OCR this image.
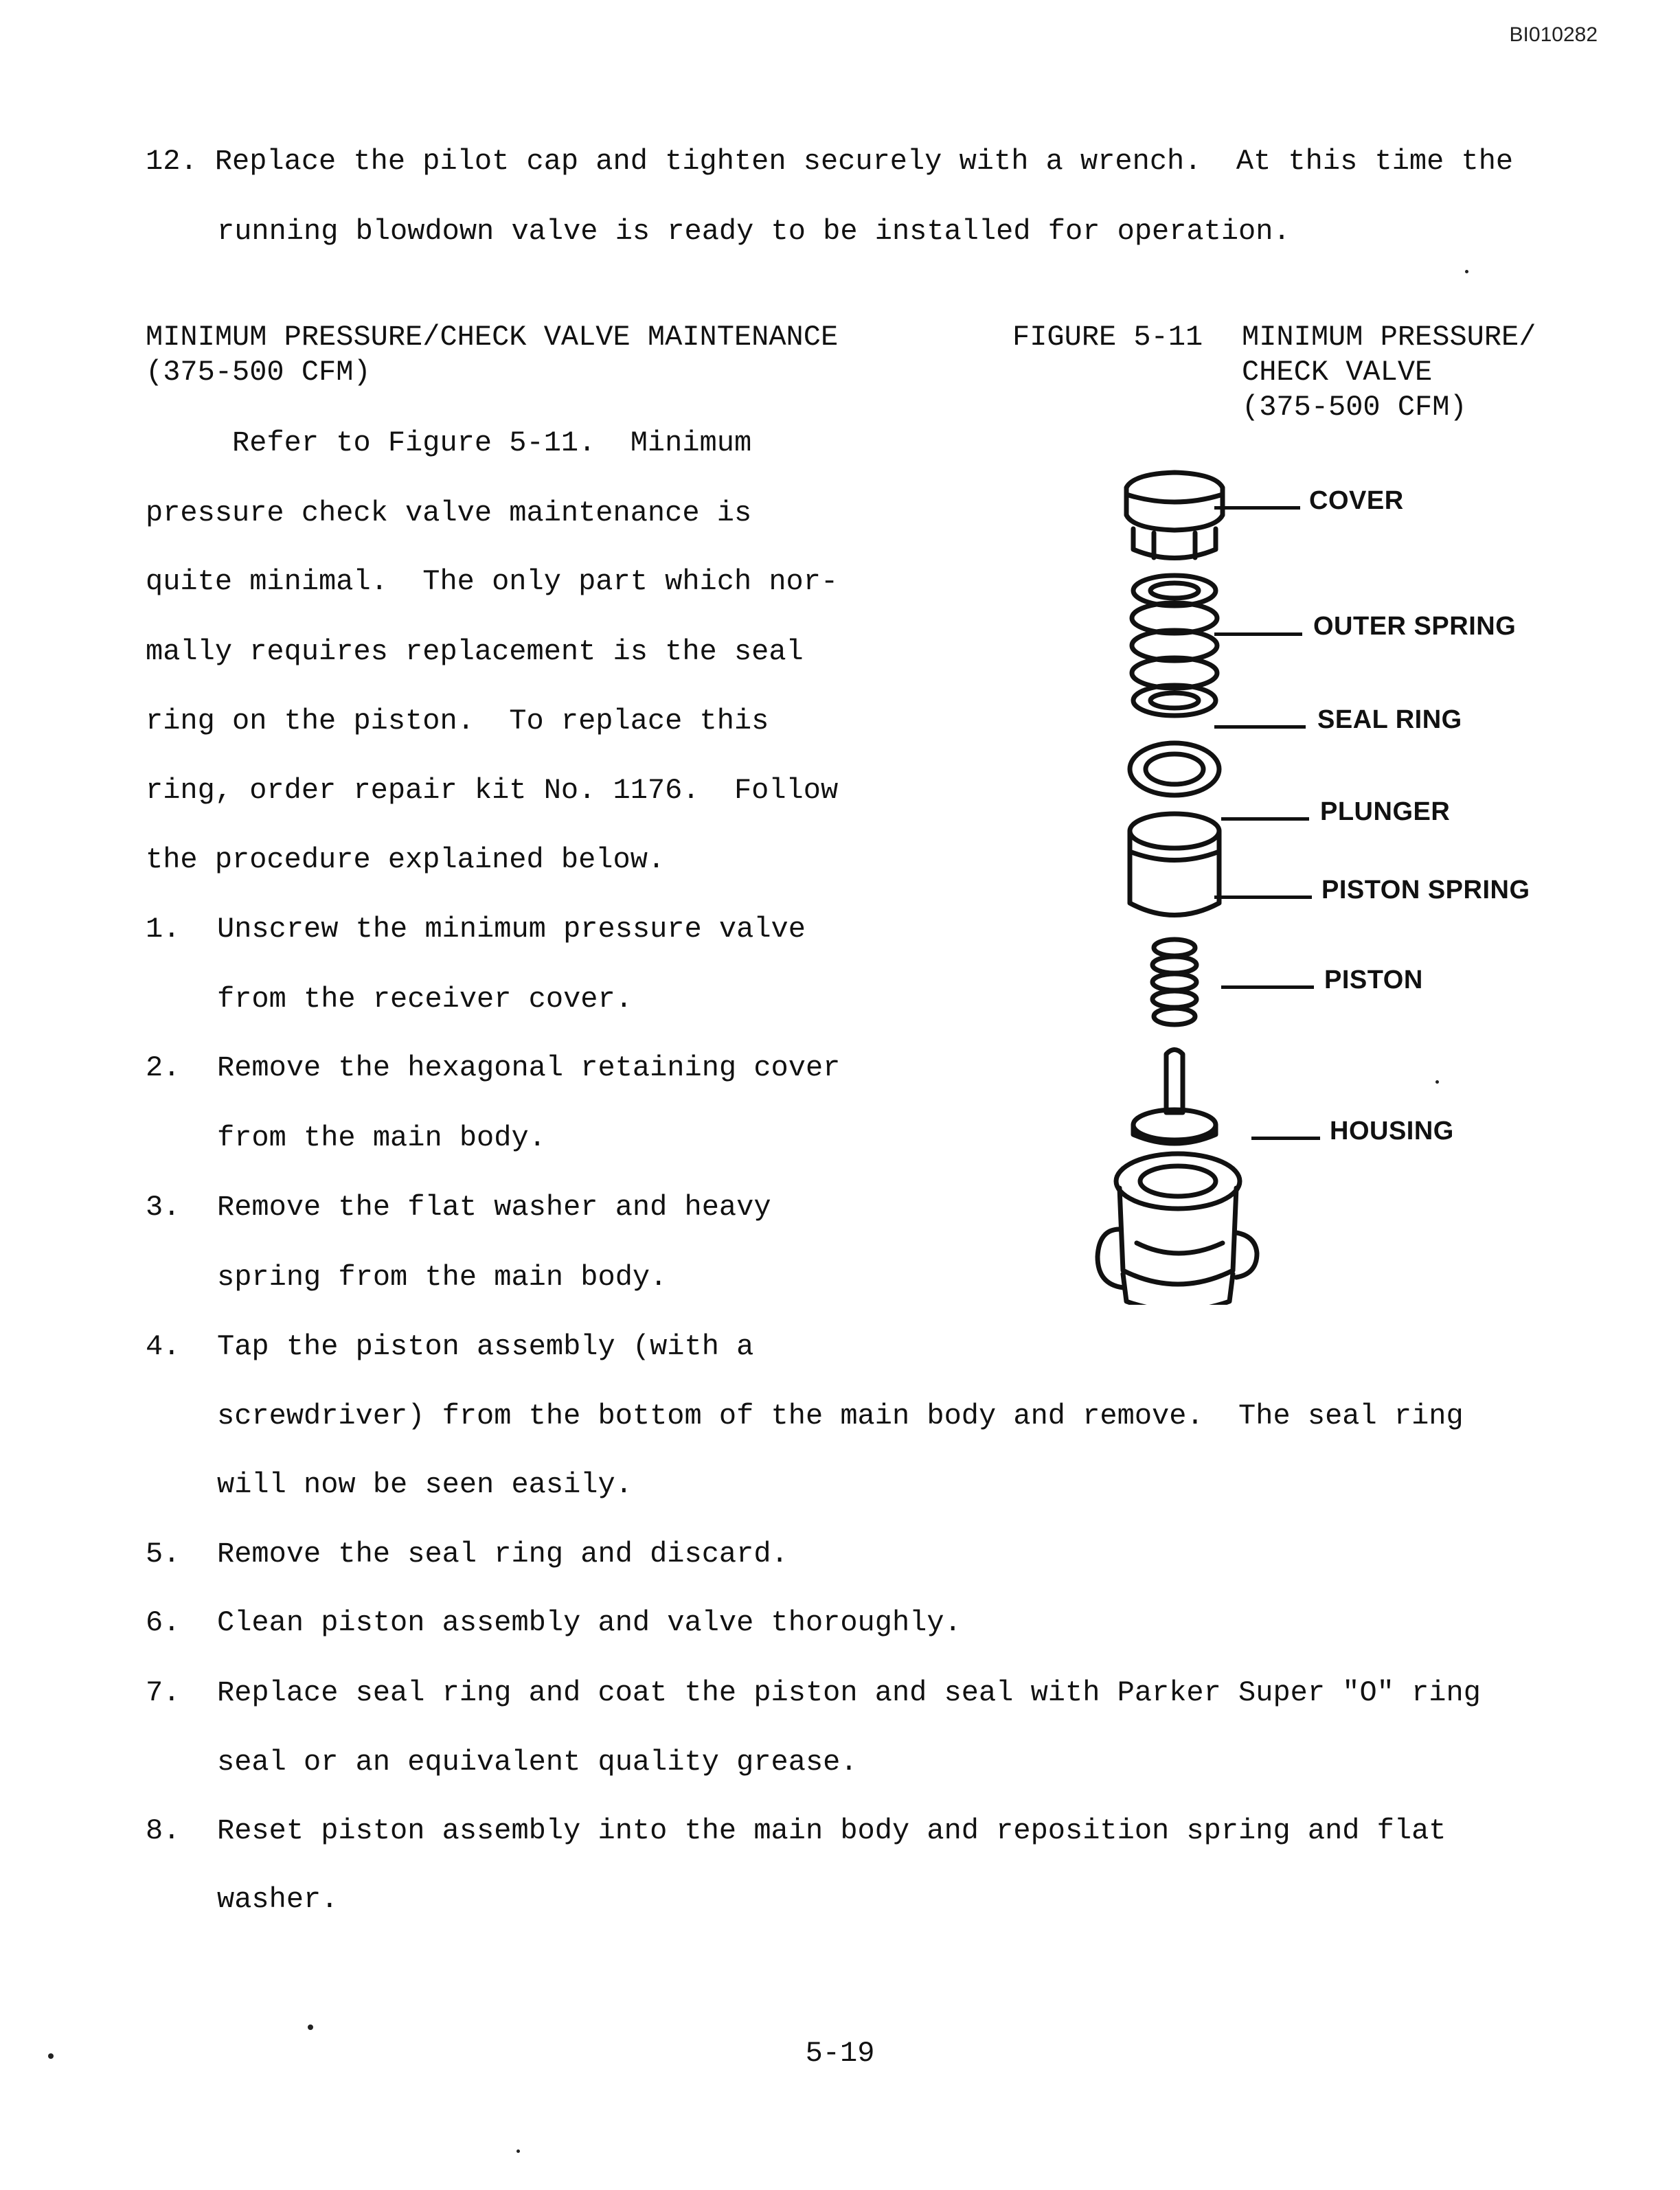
BI010282
12. Replace the pilot cap and tighten securely with a wrench.  At this time the
running blowdown valve is ready to be installed for operation.
MINIMUM PRESSURE/CHECK VALVE MAINTENANCE
(375-500 CFM)
Refer to Figure 5-11.  Minimum
pressure check valve maintenance is
quite minimal.  The only part which nor-
mally requires replacement is the seal
ring on the piston.  To replace this
ring, order repair kit No. 1176.  Follow
the procedure explained below.
FIGURE 5-11 MINIMUM PRESSURE/
CHECK VALVE
(375-500 CFM)
COVER
OUTER SPRING
SEAL RING
PLUNGER
PISTON SPRING
PISTON
HOUSING
1. Unscrew the minimum pressure valve
from the receiver cover.
2. Remove the hexagonal retaining cover
from the main body.
3. Remove the flat washer and heavy
spring from the main body.
4. Tap the piston assembly (with a
screwdriver) from the bottom of the main body and remove.  The seal ring
will now be seen easily.
5. Remove the seal ring and discard.
6. Clean piston assembly and valve thoroughly.
7. Replace seal ring and coat the piston and seal with Parker Super "O" ring
seal or an equivalent quality grease.
8. Reset piston assembly into the main body and reposition spring and flat
washer.
5-19
